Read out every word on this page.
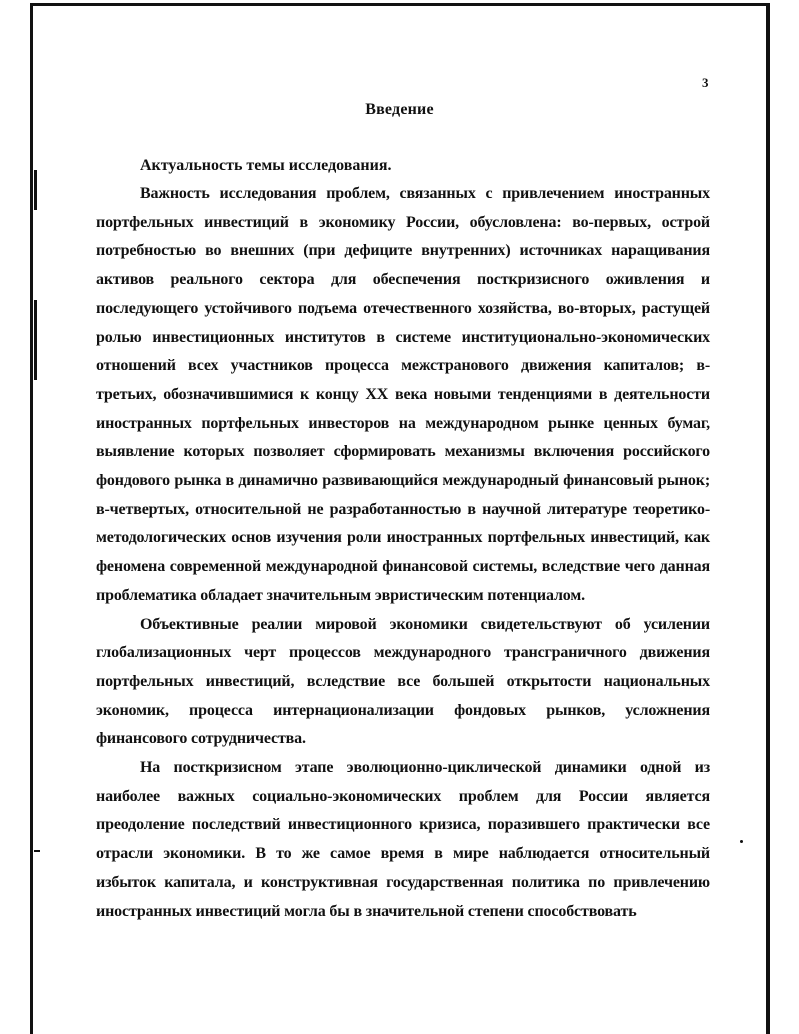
3
Введение
Актуальность темы исследования.

Важность исследования проблем, связанных с привлечением иностранных портфельных инвестиций в экономику России, обусловлена: во-первых, острой потребностью во внешних (при дефиците внутренних) источниках наращивания активов реального сектора для обеспечения посткризисного оживления и последующего устойчивого подъема отечественного хозяйства, во-вторых, растущей ролью инвестиционных институтов в системе институционально-экономических отношений всех участников процесса межстранового движения капиталов; в-третьих, обозначившимися к концу XX века новыми тенденциями в деятельности иностранных портфельных инвесторов на международном рынке ценных бумаг, выявление которых позволяет сформировать механизмы включения российского фондового рынка в динамично развивающийся международный финансовый рынок; в-четвертых, относительной не разработанностью в научной литературе теоретико-методологических основ изучения роли иностранных портфельных инвестиций, как феномена современной международной финансовой системы, вследствие чего данная проблематика обладает значительным эвристическим потенциалом.

Объективные реалии мировой экономики свидетельствуют об усилении глобализационных черт процессов международного трансграничного движения портфельных инвестиций, вследствие все большей открытости национальных экономик, процесса интернационализации фондовых рынков, усложнения финансового сотрудничества.

На посткризисном этапе эволюционно-циклической динамики одной из наиболее важных социально-экономических проблем для России является преодоление последствий инвестиционного кризиса, поразившего практически все отрасли экономики. В то же самое время в мире наблюдается относительный избыток капитала, и конструктивная государственная политика по привлечению иностранных инвестиций могла бы в значительной степени способствовать
